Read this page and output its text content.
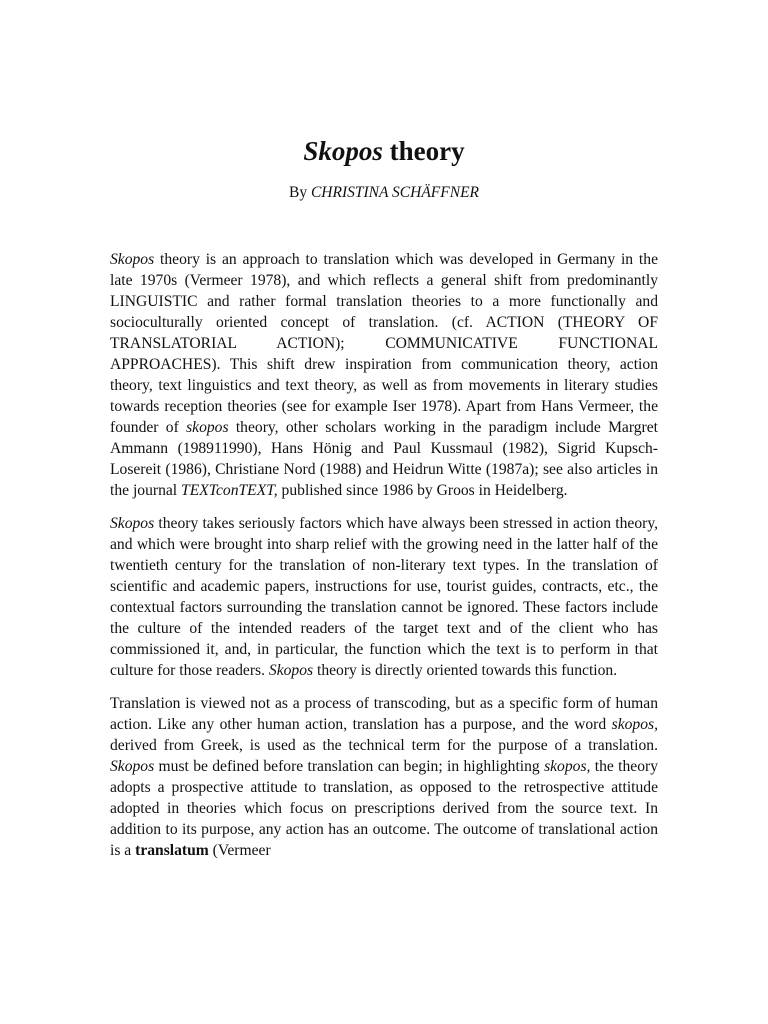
Skopos theory
By CHRISTINA SCHÄFFNER

Skopos theory is an approach to translation which was developed in Germany in the late 1970s (Vermeer 1978), and which reflects a general shift from predominantly LINGUISTIC and rather formal translation theories to a more functionally and socioculturally oriented concept of translation. (cf. ACTION (THEORY OF TRANSLATORIAL ACTION); COMMUNICATIVE FUNCTIONAL APPROACHES). This shift drew inspiration from communication theory, action theory, text linguistics and text theory, as well as from movements in literary studies towards reception theories (see for example Iser 1978). Apart from Hans Vermeer, the founder of skopos theory, other scholars working in the paradigm include Margret Ammann (198911990), Hans Hönig and Paul Kussmaul (1982), Sigrid Kupsch-Losereit (1986), Christiane Nord (1988) and Heidrun Witte (1987a); see also articles in the journal TEXTconTEXT, published since 1986 by Groos in Heidelberg.

Skopos theory takes seriously factors which have always been stressed in action theory, and which were brought into sharp relief with the growing need in the latter half of the twentieth century for the translation of non-literary text types. In the translation of scientific and academic papers, instructions for use, tourist guides, contracts, etc., the contextual factors surrounding the translation cannot be ignored. These factors include the culture of the intended readers of the target text and of the client who has commissioned it, and, in particular, the function which the text is to perform in that culture for those readers. Skopos theory is directly oriented towards this function.

Translation is viewed not as a process of transcoding, but as a specific form of human action. Like any other human action, translation has a purpose, and the word skopos, derived from Greek, is used as the technical term for the purpose of a translation. Skopos must be defined before translation can begin; in highlighting skopos, the theory adopts a prospective attitude to translation, as opposed to the retrospective attitude adopted in theories which focus on prescriptions derived from the source text. In addition to its purpose, any action has an outcome. The outcome of translational action is a translatum (Vermeer
